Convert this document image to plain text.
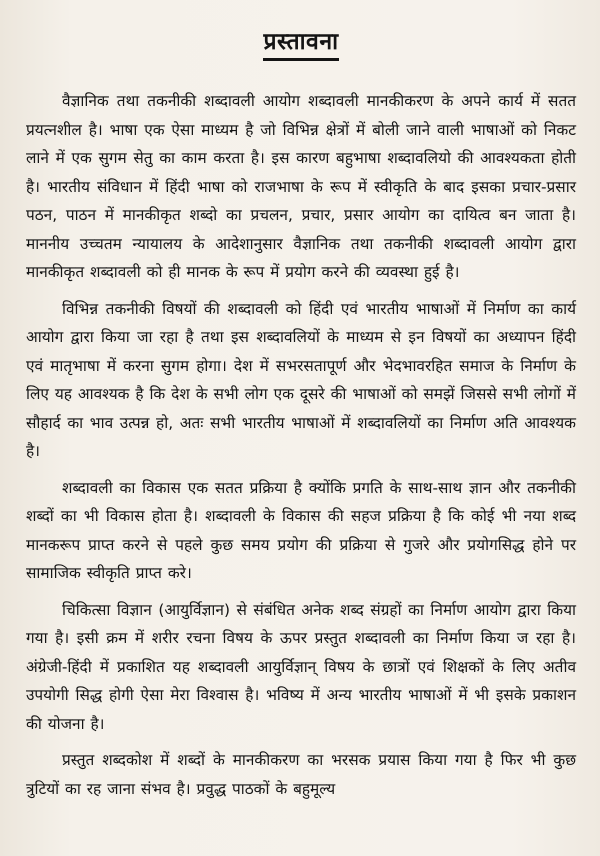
प्रस्तावना

वैज्ञानिक तथा तकनीकी शब्दावली आयोग शब्दावली मानकीकरण के अपने कार्य में सतत प्रयत्नशील है। भाषा एक ऐसा माध्यम है जो विभिन्न क्षेत्रों में बोली जाने वाली भाषाओं को निकट लाने में एक सुगम सेतु का काम करता है। इस कारण बहुभाषा शब्दावलियो की आवश्यकता होती है। भारतीय संविधान में हिंदी भाषा को राजभाषा के रूप में स्वीकृति के बाद इसका प्रचार-प्रसार पठन, पाठन में मानकीकृत शब्दो का प्रचलन, प्रचार, प्रसार आयोग का दायित्व बन जाता है। माननीय उच्चतम न्यायालय के आदेशानुसार वैज्ञानिक तथा तकनीकी शब्दावली आयोग द्वारा मानकीकृत शब्दावली को ही मानक के रूप में प्रयोग करने की व्यवस्था हुई है।

विभिन्न तकनीकी विषयों की शब्दावली को हिंदी एवं भारतीय भाषाओं में निर्माण का कार्य आयोग द्वारा किया जा रहा है तथा इस शब्दावलियों के माध्यम से इन विषयों का अध्यापन हिंदी एवं मातृभाषा में करना सुगम होगा। देश में सभरसतापूर्ण और भेदभावरहित समाज के निर्माण के लिए यह आवश्यक है कि देश के सभी लोग एक दूसरे की भाषाओं को समझें जिससे सभी लोगों में सौहार्द का भाव उत्पन्न हो, अतः सभी भारतीय भाषाओं में शब्दावलियों का निर्माण अति आवश्यक है।

शब्दावली का विकास एक सतत प्रक्रिया है क्योंकि प्रगति के साथ-साथ ज्ञान और तकनीकी शब्दों का भी विकास होता है। शब्दावली के विकास की सहज प्रक्रिया है कि कोई भी नया शब्द मानकरूप प्राप्त करने से पहले कुछ समय प्रयोग की प्रक्रिया से गुजरे और प्रयोगसिद्ध होने पर सामाजिक स्वीकृति प्राप्त करे।

चिकित्सा विज्ञान (आयुर्विज्ञान) से संबंधित अनेक शब्द संग्रहों का निर्माण आयोग द्वारा किया गया है। इसी क्रम में शरीर रचना विषय के ऊपर प्रस्तुत शब्दावली का निर्माण किया ज रहा है। अंग्रेजी-हिंदी में प्रकाशित यह शब्दावली आयुर्विज्ञान् विषय के छात्रों एवं शिक्षकों के लिए अतीव उपयोगी सिद्ध होगी ऐसा मेरा विश्वास है। भविष्य में अन्य भारतीय भाषाओं में भी इसके प्रकाशन की योजना है।

प्रस्तुत शब्दकोश में शब्दों के मानकीकरण का भरसक प्रयास किया गया है फिर भी कुछ त्रुटियों का रह जाना संभव है। प्रवुद्ध पाठकों के बहुमूल्य
